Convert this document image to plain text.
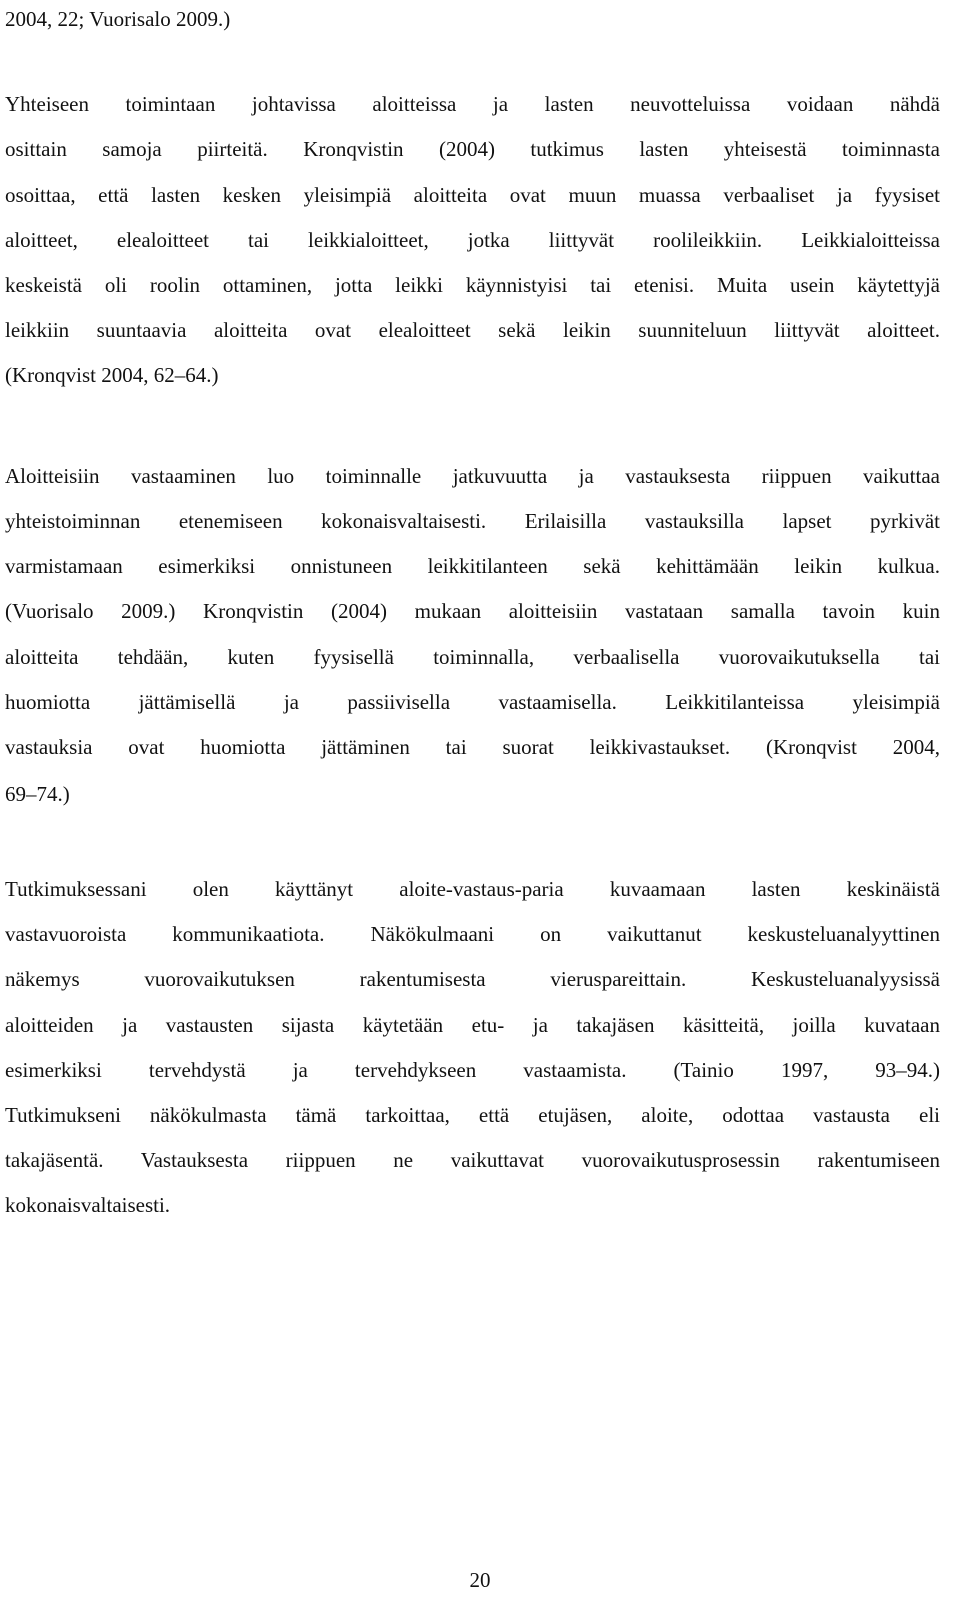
2004, 22; Vuorisalo 2009.)
Yhteiseen toimintaan johtavissa aloitteissa ja lasten neuvotteluissa voidaan nähdä
osittain samoja piirteitä. Kronqvistin (2004) tutkimus lasten yhteisestä toiminnasta
osoittaa, että lasten kesken yleisimpiä aloitteita ovat muun muassa verbaaliset ja fyysiset
aloitteet, elealoitteet tai leikkialoitteet, jotka liittyvät roolileikkiin. Leikkialoitteissa
keskeistä oli roolin ottaminen, jotta leikki käynnistyisi tai etenisi. Muita usein käytettyjä
leikkiin suuntaavia aloitteita ovat elealoitteet sekä leikin suunniteluun liittyvät aloitteet.
(Kronqvist 2004, 62–64.)
Aloitteisiin vastaaminen luo toiminnalle jatkuvuutta ja vastauksesta riippuen vaikuttaa
yhteistoiminnan etenemiseen kokonaisvaltaisesti. Erilaisilla vastauksilla lapset pyrkivät
varmistamaan esimerkiksi onnistuneen leikkitilanteen sekä kehittämään leikin kulkua.
(Vuorisalo 2009.) Kronqvistin (2004) mukaan aloitteisiin vastataan samalla tavoin kuin
aloitteita tehdään, kuten fyysisellä toiminnalla, verbaalisella vuorovaikutuksella tai
huomiotta jättämisellä ja passiivisella vastaamisella. Leikkitilanteissa yleisimpiä
vastauksia ovat huomiotta jättäminen tai suorat leikkivastaukset. (Kronqvist 2004,
69–74.)
Tutkimuksessani olen käyttänyt aloite-vastaus-paria kuvaamaan lasten keskinäistä
vastavuoroista kommunikaatiota. Näkökulmaani on vaikuttanut keskusteluanalyyttinen
näkemys vuorovaikutuksen rakentumisesta vieruspareittain. Keskusteluanalyysissä
aloitteiden ja vastausten sijasta käytetään etu- ja takajäsen käsitteitä, joilla kuvataan
esimerkiksi tervehdystä ja tervehdykseen vastaamista. (Tainio 1997, 93–94.)
Tutkimukseni näkökulmasta tämä tarkoittaa, että etujäsen, aloite, odottaa vastausta eli
takajäsentä. Vastauksesta riippuen ne vaikuttavat vuorovaikutusprosessin rakentumiseen
kokonaisvaltaisesti.
20
